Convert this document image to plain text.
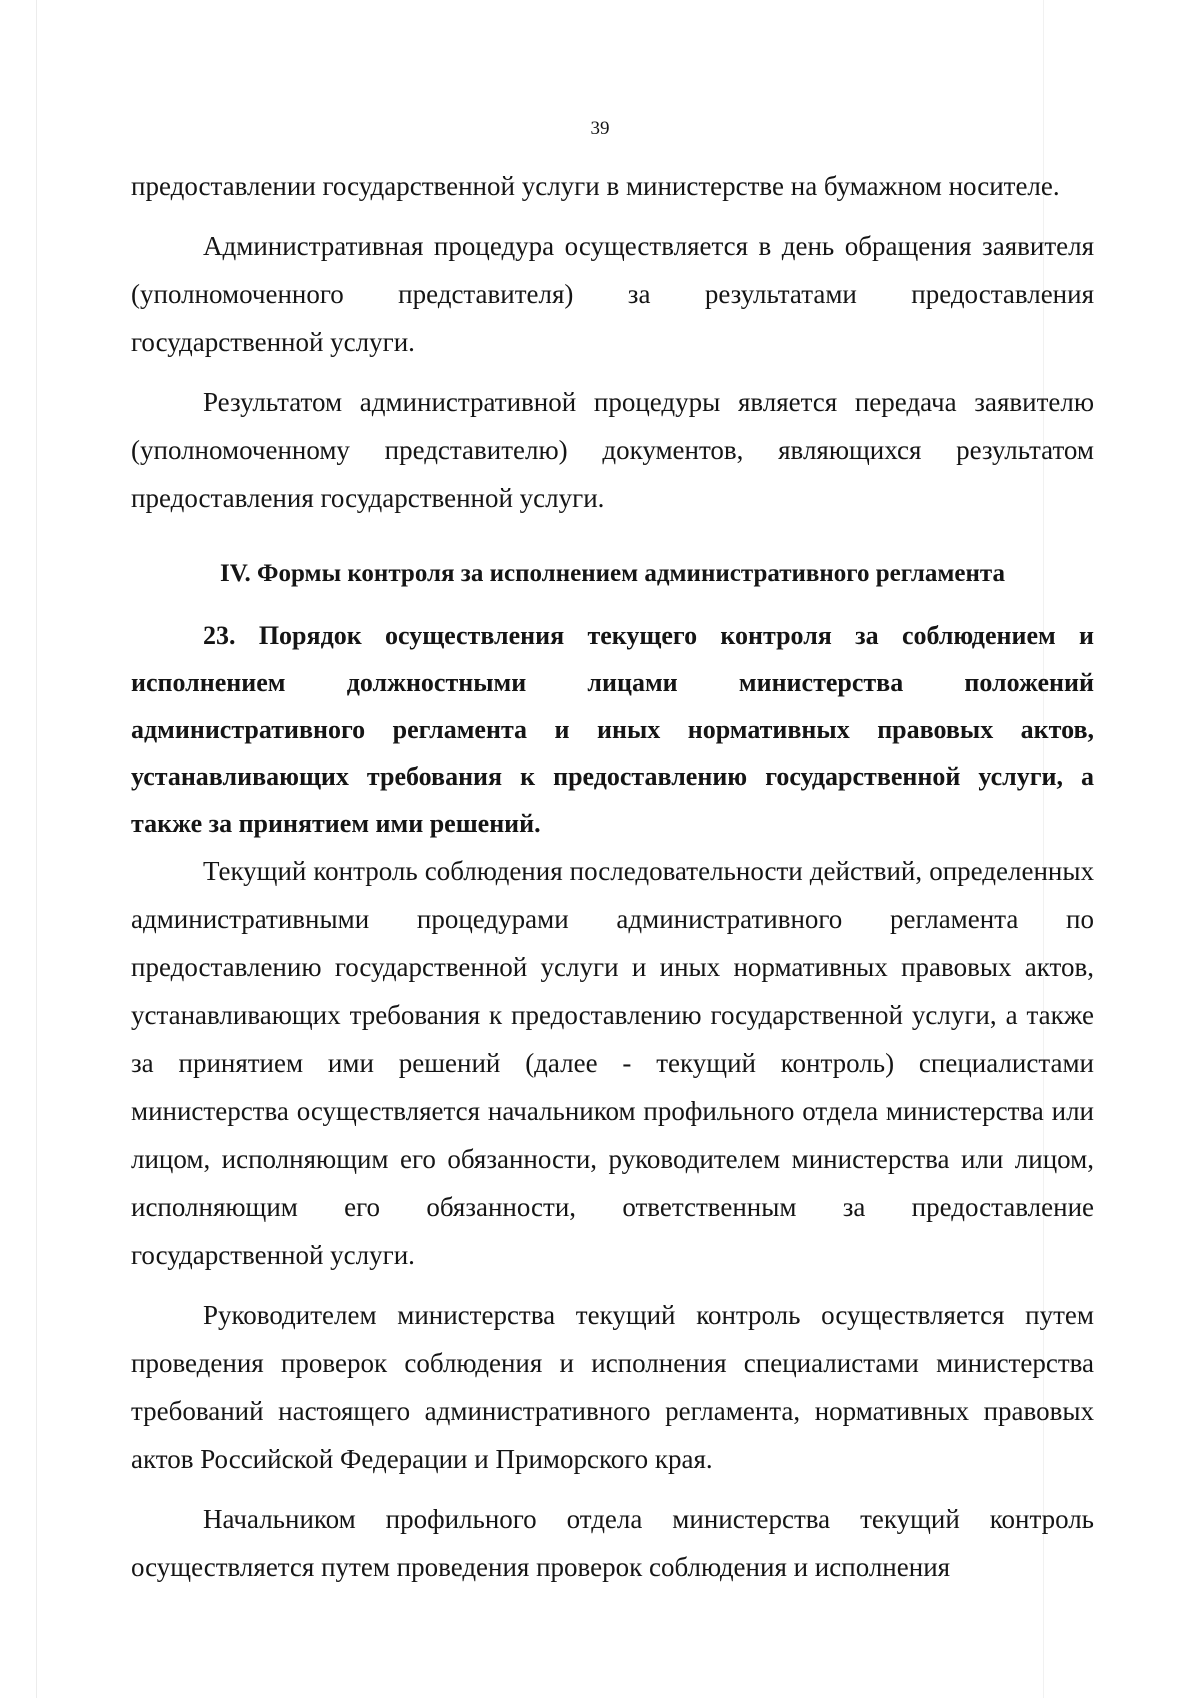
39

предоставлении государственной услуги в министерстве на бумажном носителе.

Административная процедура осуществляется в день обращения заявителя (уполномоченного представителя) за результатами предоставления государственной услуги.

Результатом административной процедуры является передача заявителю (уполномоченному представителю) документов, являющихся результатом предоставления государственной услуги.

IV. Формы контроля за исполнением административного регламента

23. Порядок осуществления текущего контроля за соблюдением и исполнением должностными лицами министерства положений административного регламента и иных нормативных правовых актов, устанавливающих требования к предоставлению государственной услуги, а также за принятием ими решений.

Текущий контроль соблюдения последовательности действий, определенных административными процедурами административного регламента по предоставлению государственной услуги и иных нормативных правовых актов, устанавливающих требования к предоставлению государственной услуги, а также за принятием ими решений (далее - текущий контроль) специалистами министерства осуществляется начальником профильного отдела министерства или лицом, исполняющим его обязанности, руководителем министерства или лицом, исполняющим его обязанности, ответственным за предоставление государственной услуги.

Руководителем министерства текущий контроль осуществляется путем проведения проверок соблюдения и исполнения специалистами министерства требований настоящего административного регламента, нормативных правовых актов Российской Федерации и Приморского края.

Начальником профильного отдела министерства текущий контроль осуществляется путем проведения проверок соблюдения и исполнения
